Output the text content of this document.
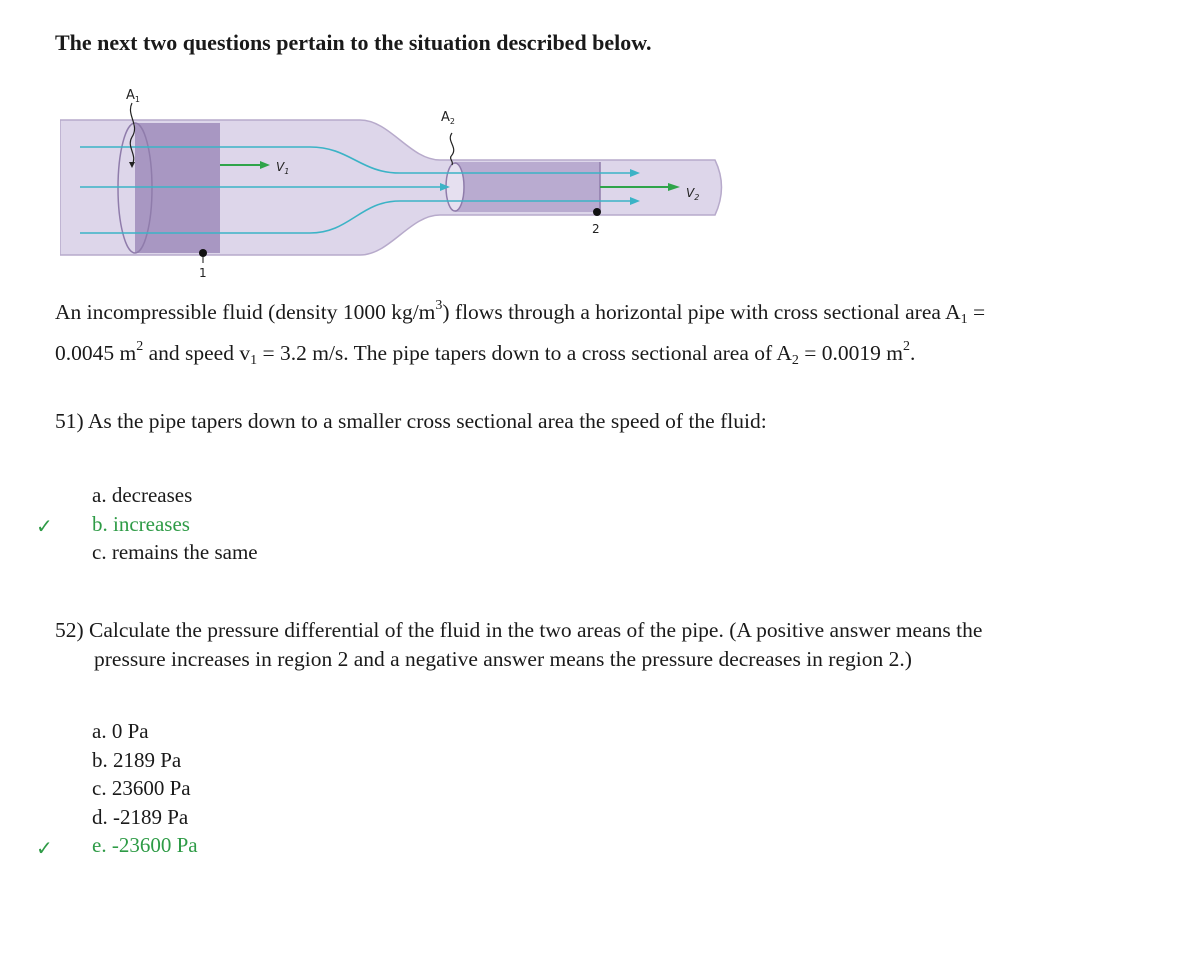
The next two questions pertain to the situation described below.
$A_1$
$A_2$
$V_1$
$V_2$
1
2
An incompressible fluid (density 1000 $kg/m^3$) flows through a horizontal pipe with cross sectional area $A_1$ =
0.0045 $m^2$ and speed $v_1 = 3.2$ m/s. The pipe tapers down to a cross sectional area of $A_2 = 0.0019$ $m^2$.
51) As the pipe tapers down to a smaller cross sectional area the speed of the fluid:
a. decreases
b. increases
c. remains the same
✓
52) Calculate the pressure differential of the fluid in the two areas of the pipe. (A positive answer means the
pressure increases in region 2 and a negative answer means the pressure decreases in region 2.)
a. 0 Pa
b. 2189 Pa
c. 23600 Pa
d. -2189 Pa
e. -23600 Pa
✓
